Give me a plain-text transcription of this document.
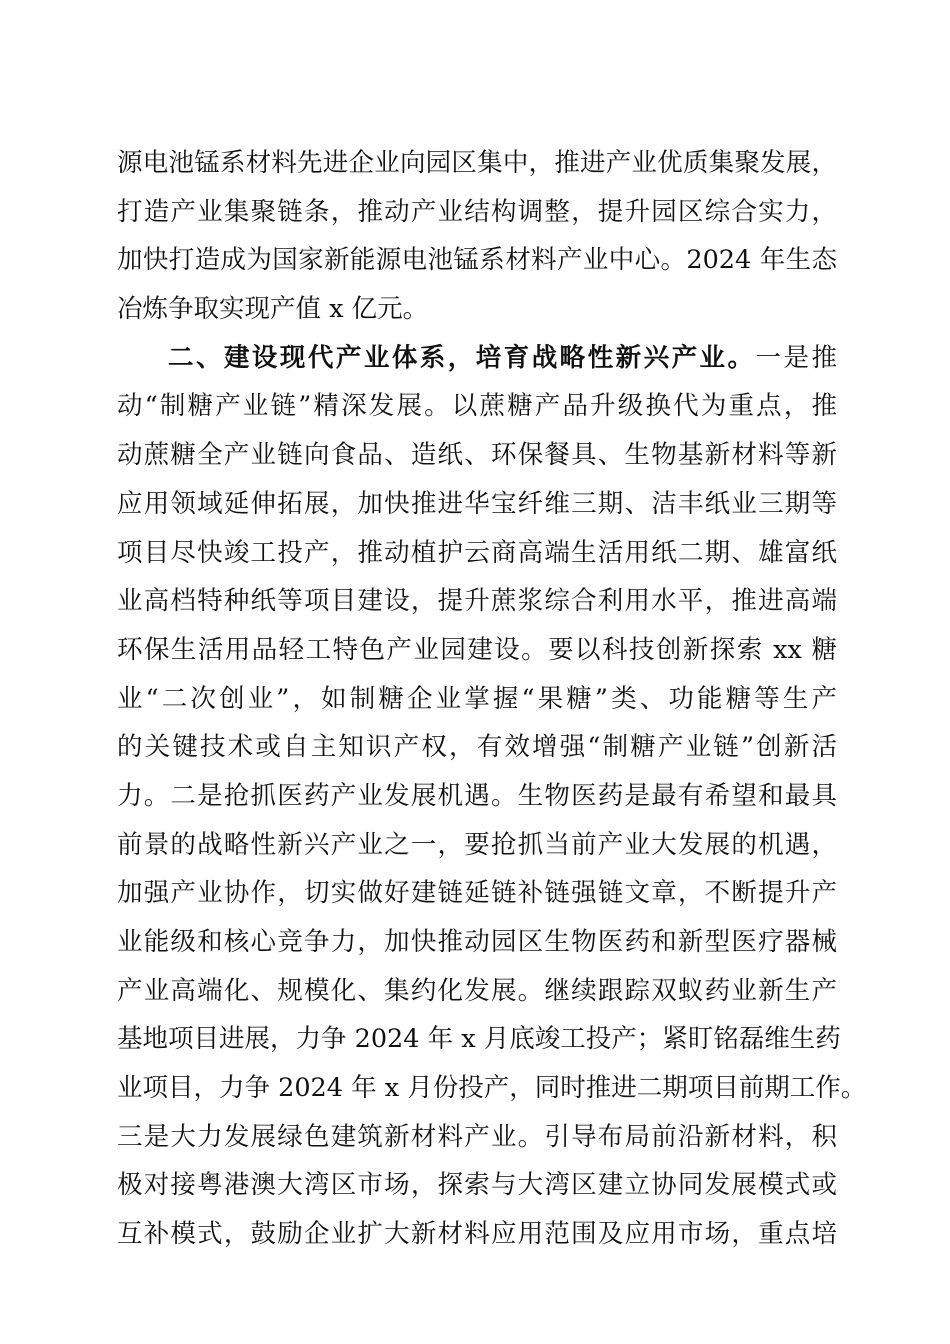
源电池锰系材料先进企业向园区集中，推进产业优质集聚发展，
打造产业集聚链条，推动产业结构调整，提升园区综合实力，
加快打造成为国家新能源电池锰系材料产业中心。2024 年生态
冶炼争取实现产值 x 亿元。
二、建设现代产业体系，培育战略性新兴产业。一是推
动“制糖产业链”精深发展。以蔗糖产品升级换代为重点，推
动蔗糖全产业链向食品、造纸、环保餐具、生物基新材料等新
应用领域延伸拓展，加快推进华宝纤维三期、洁丰纸业三期等
项目尽快竣工投产，推动植护云商高端生活用纸二期、雄富纸
业高档特种纸等项目建设，提升蔗浆综合利用水平，推进高端
环保生活用品轻工特色产业园建设。要以科技创新探索 xx 糖
业“二次创业”，如制糖企业掌握“果糖”类、功能糖等生产
的关键技术或自主知识产权，有效增强“制糖产业链”创新活
力。二是抢抓医药产业发展机遇。生物医药是最有希望和最具
前景的战略性新兴产业之一，要抢抓当前产业大发展的机遇，
加强产业协作，切实做好建链延链补链强链文章，不断提升产
业能级和核心竞争力，加快推动园区生物医药和新型医疗器械
产业高端化、规模化、集约化发展。继续跟踪双蚁药业新生产
基地项目进展，力争 2024 年 x 月底竣工投产；紧盯铭磊维生药
业项目，力争 2024 年 x 月份投产，同时推进二期项目前期工作。
三是大力发展绿色建筑新材料产业。引导布局前沿新材料，积
极对接粤港澳大湾区市场，探索与大湾区建立协同发展模式或
互补模式，鼓励企业扩大新材料应用范围及应用市场，重点培
